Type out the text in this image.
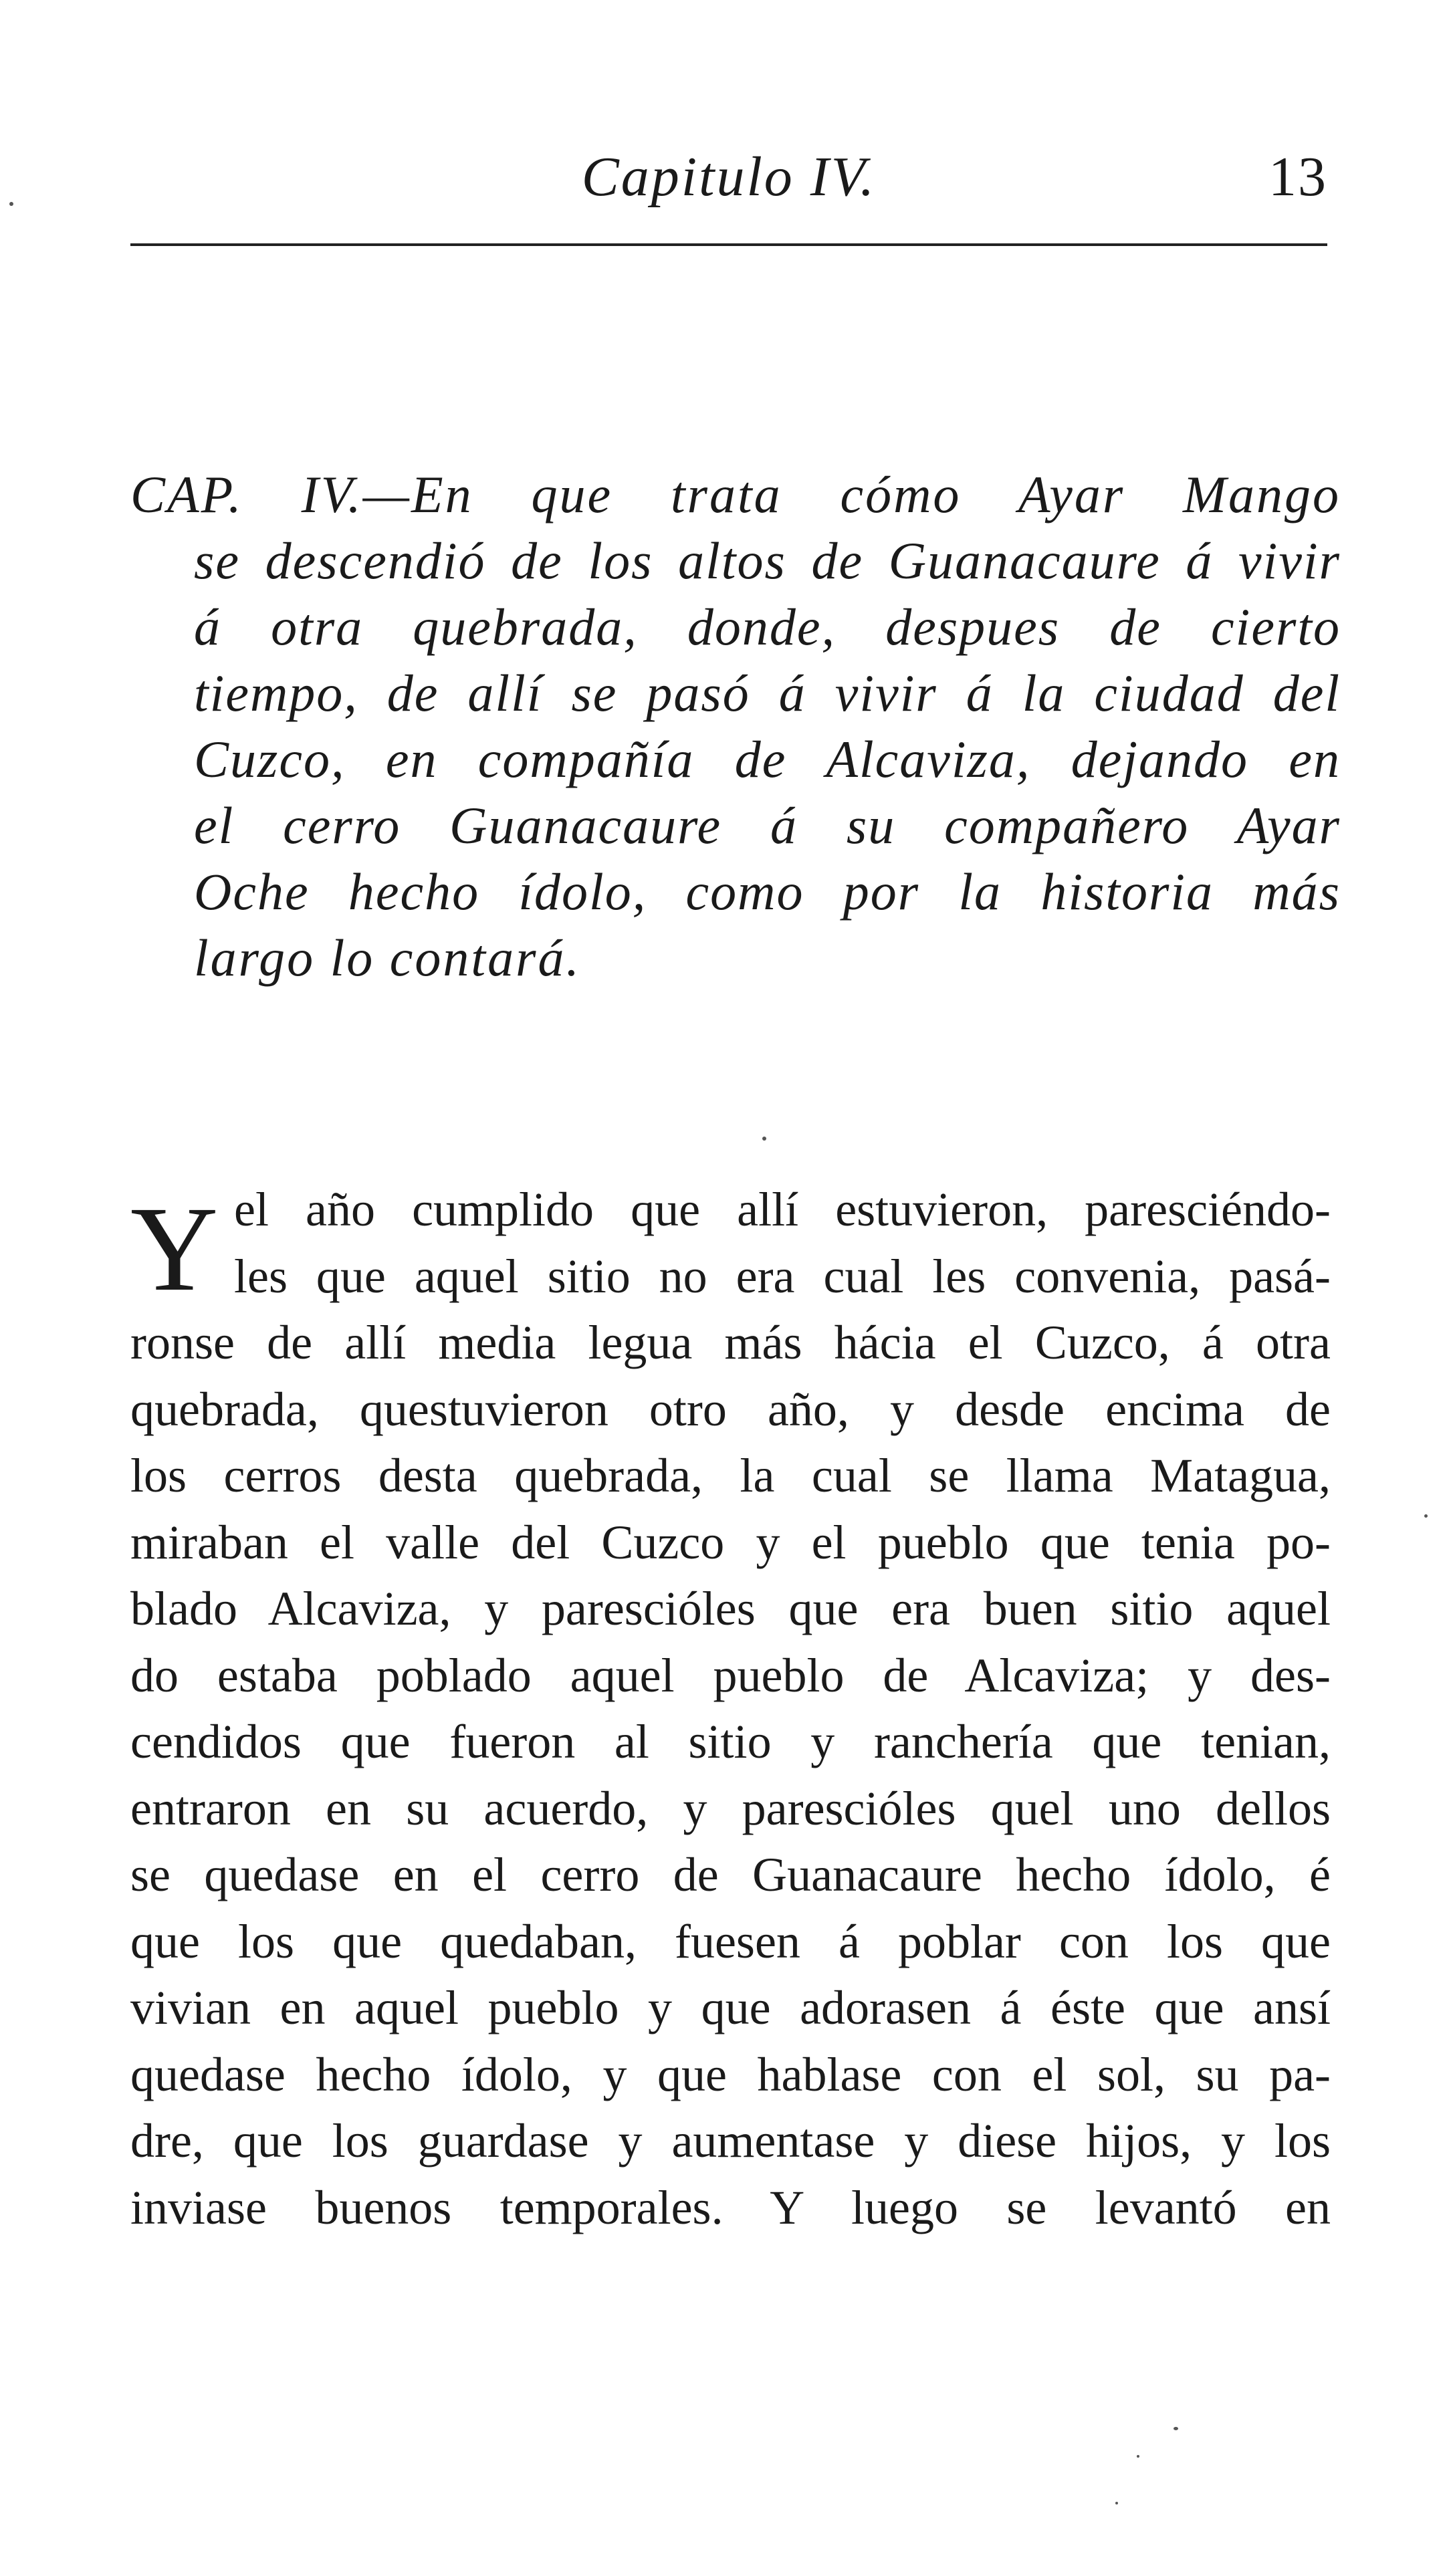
Capitulo IV.	13
CAP. IV.—En que trata cómo Ayar Mango
se descendió de los altos de Guanacaure á vivir
á otra quebrada, donde, despues de cierto
tiempo, de allí se pasó á vivir á la ciudad del
Cuzco, en compañía de Alcaviza, dejando en
el cerro Guanacaure á su compañero Ayar
Oche hecho ídolo, como por la historia más
largo lo contará.
Y el año cumplido que allí estuvieron, paresciéndo-
les que aquel sitio no era cual les convenia, pasá-
ronse de allí media legua más hácia el Cuzco, á otra
quebrada, questuvieron otro año, y desde encima de
los cerros desta quebrada, la cual se llama Matagua,
miraban el valle del Cuzco y el pueblo que tenia po-
blado Alcaviza, y parescióles que era buen sitio aquel
do estaba poblado aquel pueblo de Alcaviza; y des-
cendidos que fueron al sitio y ranchería que tenian,
entraron en su acuerdo, y parescióles quel uno dellos
se quedase en el cerro de Guanacaure hecho ídolo, é
que los que quedaban, fuesen á poblar con los que
vivian en aquel pueblo y que adorasen á éste que ansí
quedase hecho ídolo, y que hablase con el sol, su pa-
dre, que los guardase y aumentase y diese hijos, y los
inviase buenos temporales. Y luego se levantó en
